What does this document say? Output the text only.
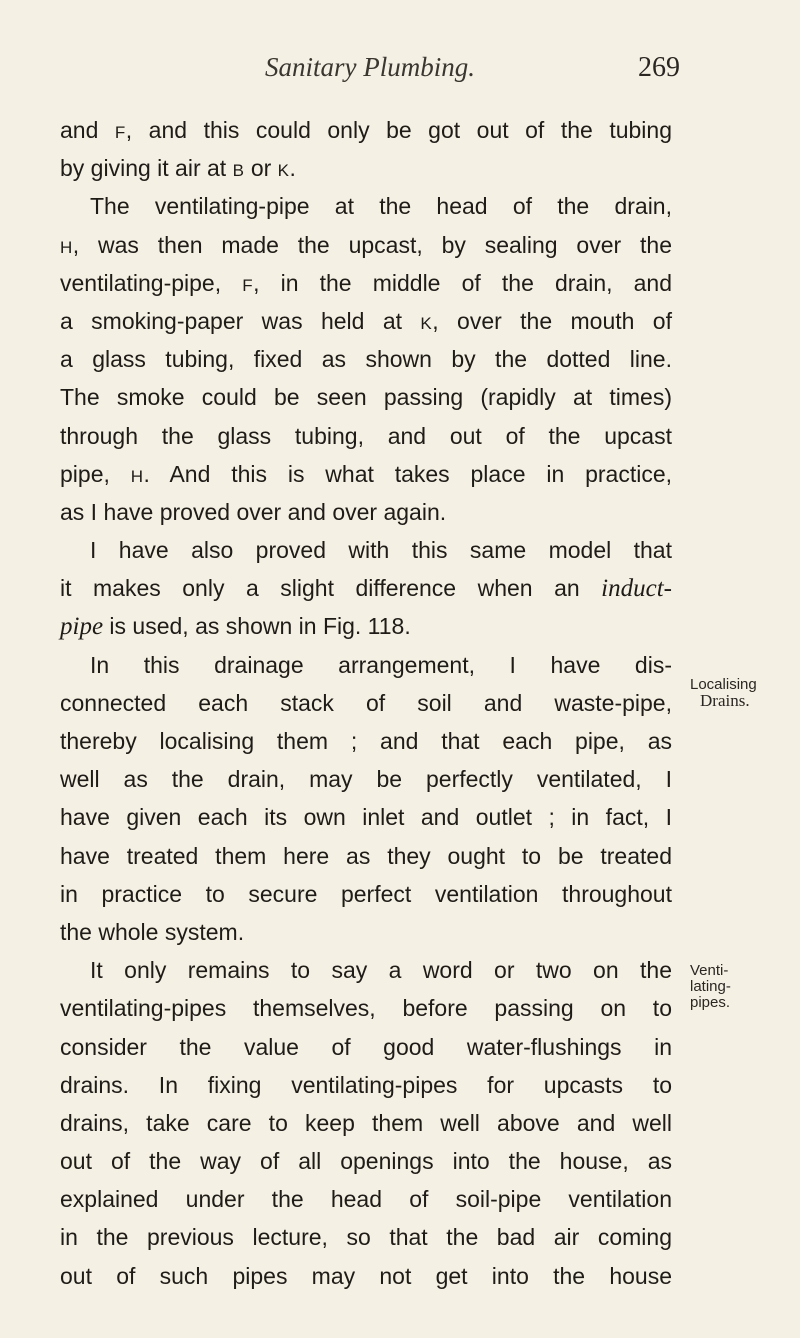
Sanitary Plumbing.	269
and F, and this could only be got out of the tubing
by giving it air at B or K.
The ventilating-pipe at the head of the drain,
H, was then made the upcast, by sealing over the
ventilating-pipe, F, in the middle of the drain, and
a smoking-paper was held at K, over the mouth of
a glass tubing, fixed as shown by the dotted line.
The smoke could be seen passing (rapidly at times)
through the glass tubing, and out of the upcast
pipe, H. And this is what takes place in practice,
as I have proved over and over again.
I have also proved with this same model that
it makes only a slight difference when an induct-
pipe is used, as shown in Fig. 118.
In this drainage arrangement, I have dis-
connected each stack of soil and waste-pipe,
thereby localising them ; and that each pipe, as
well as the drain, may be perfectly ventilated, I
have given each its own inlet and outlet ; in fact, I
have treated them here as they ought to be treated
in practice to secure perfect ventilation throughout
the whole system.
It only remains to say a word or two on the
ventilating-pipes themselves, before passing on to
consider the value of good water-flushings in
drains. In fixing ventilating-pipes for upcasts to
drains, take care to keep them well above and well
out of the way of all openings into the house, as
explained under the head of soil-pipe ventilation
in the previous lecture, so that the bad air coming
out of such pipes may not get into the house
Localising
Drains.
Venti-
lating-
pipes.
